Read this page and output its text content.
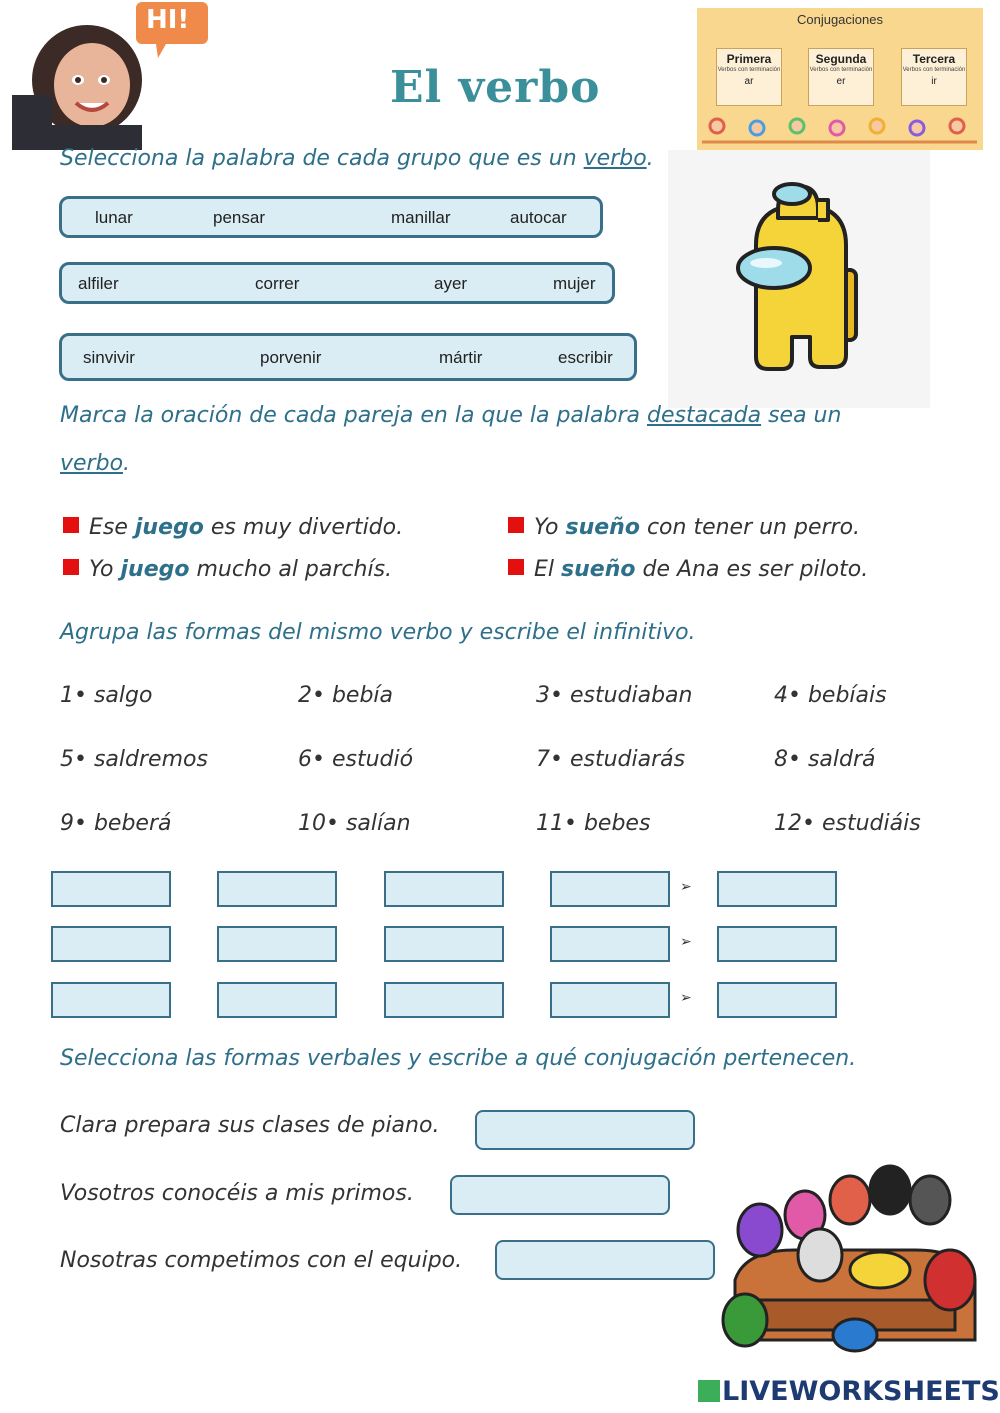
HI!
El verbo
Conjugaciones
Primera
Verbos con terminación
ar
Segunda
Verbos con terminación
er
Tercera
Verbos con terminación
ir
Selecciona la palabra de cada grupo que es un verbo.
lunar	pensar	manillar	autocar
alfiler	correr	ayer	mujer
sinvivir	porvenir	mártir	escribir
Marca la oración de cada pareja en la que la palabra destacada sea un
verbo.
Ese juego es muy divertido.
Yo juego mucho al parchís.
Yo sueño con tener un perro.
El sueño de Ana es ser piloto.
Agrupa las formas del mismo verbo y escribe el infinitivo.
1• salgo	2• bebía	3• estudiaban	4• bebíais
5• saldremos	6• estudió	7• estudiarás	8• saldrá
9• beberá	10• salían	11• bebes	12• estudiáis
➢
➢
➢
Selecciona las formas verbales y escribe a qué conjugación pertenecen.
Clara prepara sus clases de piano.
Vosotros conocéis a mis primos.
Nosotras competimos con el equipo.
LIVEWORKSHEETS
